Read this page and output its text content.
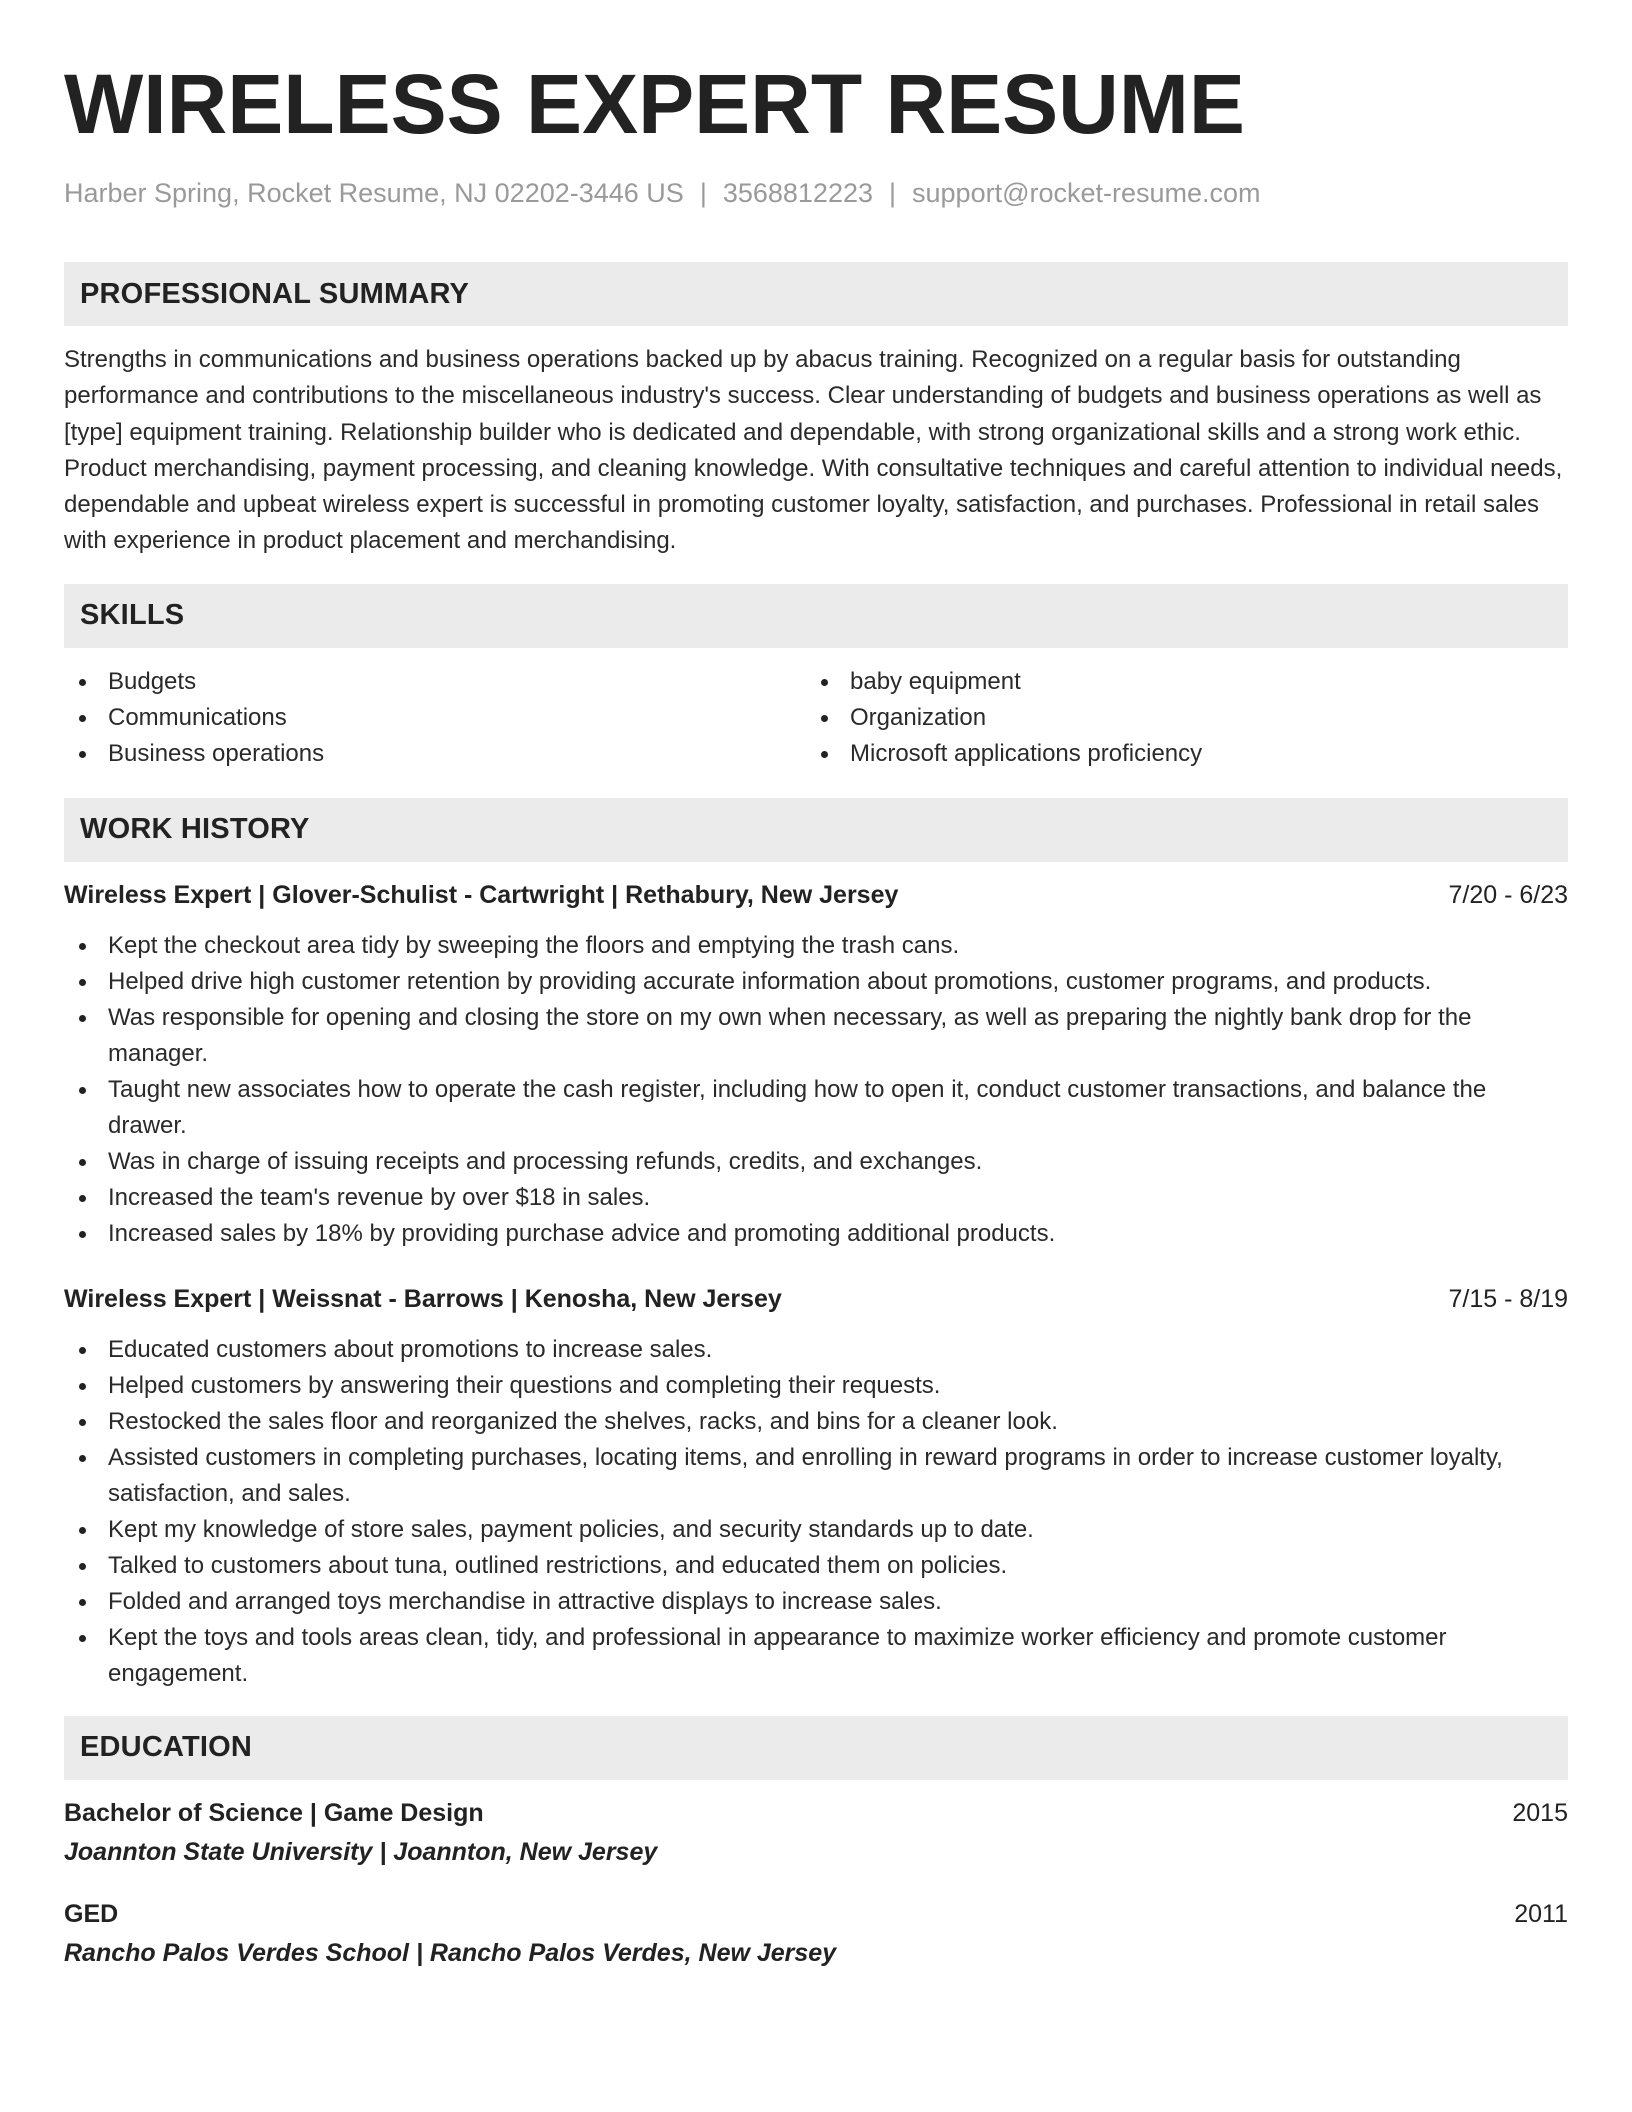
WIRELESS EXPERT RESUME
Harber Spring, Rocket Resume, NJ 02202-3446 US | 3568812223 | support@rocket-resume.com
PROFESSIONAL SUMMARY
Strengths in communications and business operations backed up by abacus training. Recognized on a regular basis for outstanding performance and contributions to the miscellaneous industry's success. Clear understanding of budgets and business operations as well as [type] equipment training. Relationship builder who is dedicated and dependable, with strong organizational skills and a strong work ethic. Product merchandising, payment processing, and cleaning knowledge. With consultative techniques and careful attention to individual needs, dependable and upbeat wireless expert is successful in promoting customer loyalty, satisfaction, and purchases. Professional in retail sales with experience in product placement and merchandising.
SKILLS
Budgets
Communications
Business operations
baby equipment
Organization
Microsoft applications proficiency
WORK HISTORY
Wireless Expert | Glover-Schulist - Cartwright | Rethabury, New Jersey	7/20 - 6/23
Kept the checkout area tidy by sweeping the floors and emptying the trash cans.
Helped drive high customer retention by providing accurate information about promotions, customer programs, and products.
Was responsible for opening and closing the store on my own when necessary, as well as preparing the nightly bank drop for the manager.
Taught new associates how to operate the cash register, including how to open it, conduct customer transactions, and balance the drawer.
Was in charge of issuing receipts and processing refunds, credits, and exchanges.
Increased the team's revenue by over $18 in sales.
Increased sales by 18% by providing purchase advice and promoting additional products.
Wireless Expert | Weissnat - Barrows | Kenosha, New Jersey	7/15 - 8/19
Educated customers about promotions to increase sales.
Helped customers by answering their questions and completing their requests.
Restocked the sales floor and reorganized the shelves, racks, and bins for a cleaner look.
Assisted customers in completing purchases, locating items, and enrolling in reward programs in order to increase customer loyalty, satisfaction, and sales.
Kept my knowledge of store sales, payment policies, and security standards up to date.
Talked to customers about tuna, outlined restrictions, and educated them on policies.
Folded and arranged toys merchandise in attractive displays to increase sales.
Kept the toys and tools areas clean, tidy, and professional in appearance to maximize worker efficiency and promote customer engagement.
EDUCATION
Bachelor of Science | Game Design	2015
Joannton State University | Joannton, New Jersey
GED	2011
Rancho Palos Verdes School | Rancho Palos Verdes, New Jersey
